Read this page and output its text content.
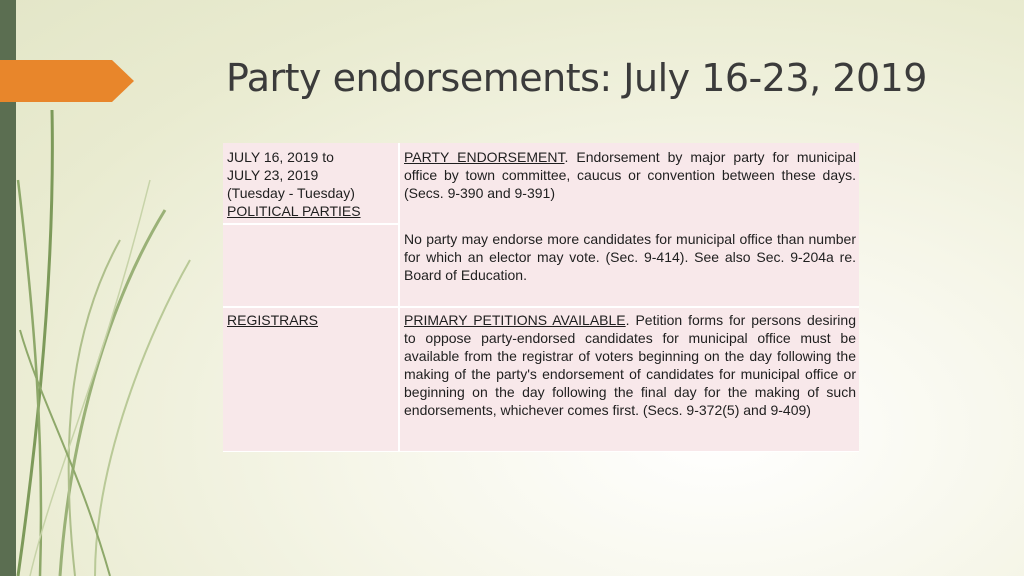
Party endorsements: July 16-23, 2019
JULY 16, 2019 to
JULY 23, 2019
(Tuesday - Tuesday)
POLITICAL PARTIES	PARTY ENDORSEMENT. Endorsement by major party for municipal office by town committee, caucus or convention between these days. (Secs. 9-390 and 9-391)
	No party may endorse more candidates for municipal office than number for which an elector may vote. (Sec. 9-414). See also Sec. 9-204a re. Board of Education.
REGISTRARS	PRIMARY PETITIONS AVAILABLE. Petition forms for persons desiring to oppose party-endorsed candidates for municipal office must be available from the registrar of voters beginning on the day following the making of the party's endorsement of candidates for municipal office or beginning on the day following the final day for the making of such endorsements, whichever comes first. (Secs. 9-372(5) and 9-409)
